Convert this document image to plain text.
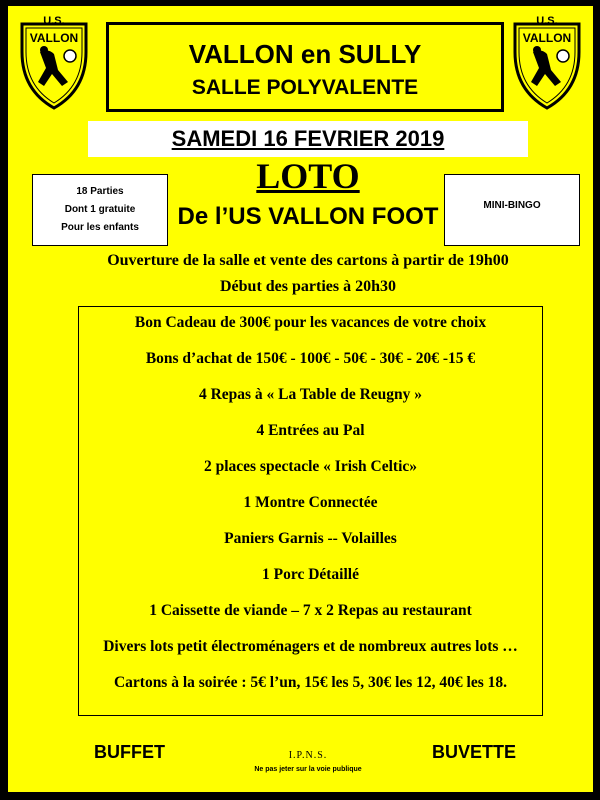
U.S.
VALLON
U.S.
VALLON
VALLON en SULLY
SALLE POLYVALENTE
SAMEDI 16 FEVRIER 2019
18 Parties
Dont 1 gratuite
Pour les enfants
MINI-BINGO
LOTO
De l’US VALLON FOOT
Ouverture de la salle et vente des cartons à partir de 19h00
Début des parties à 20h30
Bon Cadeau de 300€ pour les vacances de votre choix
Bons d’achat de 150€ - 100€ - 50€ - 30€ - 20€ -15 €
4 Repas à « La Table de Reugny »
4 Entrées au Pal
2 places spectacle « Irish Celtic»
1 Montre Connectée
Paniers Garnis -- Volailles
1 Porc Détaillé
1 Caissette de viande – 7 x 2 Repas au restaurant
Divers lots petit électroménagers et de nombreux autres lots …
Cartons à la soirée : 5€ l’un, 15€ les 5, 30€ les 12, 40€ les 18.
BUFFET	BUVETTE
I.P.N.S.
Ne pas jeter sur la voie publique
